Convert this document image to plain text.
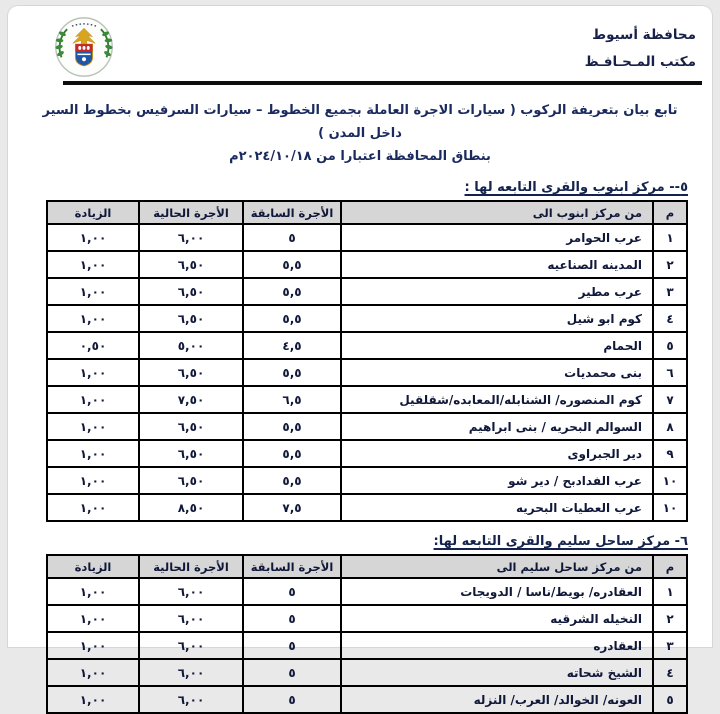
محافظة أسيوط
مكتب المـحـافـظ
تابع بيان بتعريفة الركوب ( سيارات الاجرة العاملة بجميع الخطوط – سيارات السرفيس بخطوط السير داخل المدن )
بنطاق المحافظة اعتبارا من ٢٠٢٤/١٠/١٨م
٥-- مركز ابنوب والقرى التابعه لها :
م	من مركز ابنوب الى	الأجرة السابقة	الأجرة الحالية	الزيادة
١	عرب الحوامر	٥	٦,٠٠	١,٠٠
٢	المدينه الصناعيه	٥,٥	٦,٥٠	١,٠٠
٣	عرب مطير	٥,٥	٦,٥٠	١,٠٠
٤	كوم ابو شيل	٥,٥	٦,٥٠	١,٠٠
٥	الحمام	٤,٥	٥,٠٠	٠,٥٠
٦	بنى محمديات	٥,٥	٦,٥٠	١,٠٠
٧	كوم المنصوره/ الشنابله/المعابده/شقلقيل	٦,٥	٧,٥٠	١,٠٠
٨	السوالم البحريه / بنى ابراهيم	٥,٥	٦,٥٠	١,٠٠
٩	دير الجبراوى	٥,٥	٦,٥٠	١,٠٠
١٠	عرب الفدادبح / دير شو	٥,٥	٦,٥٠	١,٠٠
١٠	عرب العطيات البحريه	٧,٥	٨,٥٠	١,٠٠
٦- مركز ساحل سليم والقرى التابعه لها:
م	من مركز ساحل سليم الى	الأجرة السابقة	الأجرة الحالية	الزيادة
١	العقادره/ بويط/ناسا / الدويجات	٥	٦,٠٠	١,٠٠
٢	النخيله الشرقيه	٥	٦,٠٠	١,٠٠
٣	العقادره	٥	٦,٠٠	١,٠٠
٤	الشيخ شحاته	٥	٦,٠٠	١,٠٠
٥	العونه/ الخوالد/ العرب/ النزله	٥	٦,٠٠	١,٠٠
